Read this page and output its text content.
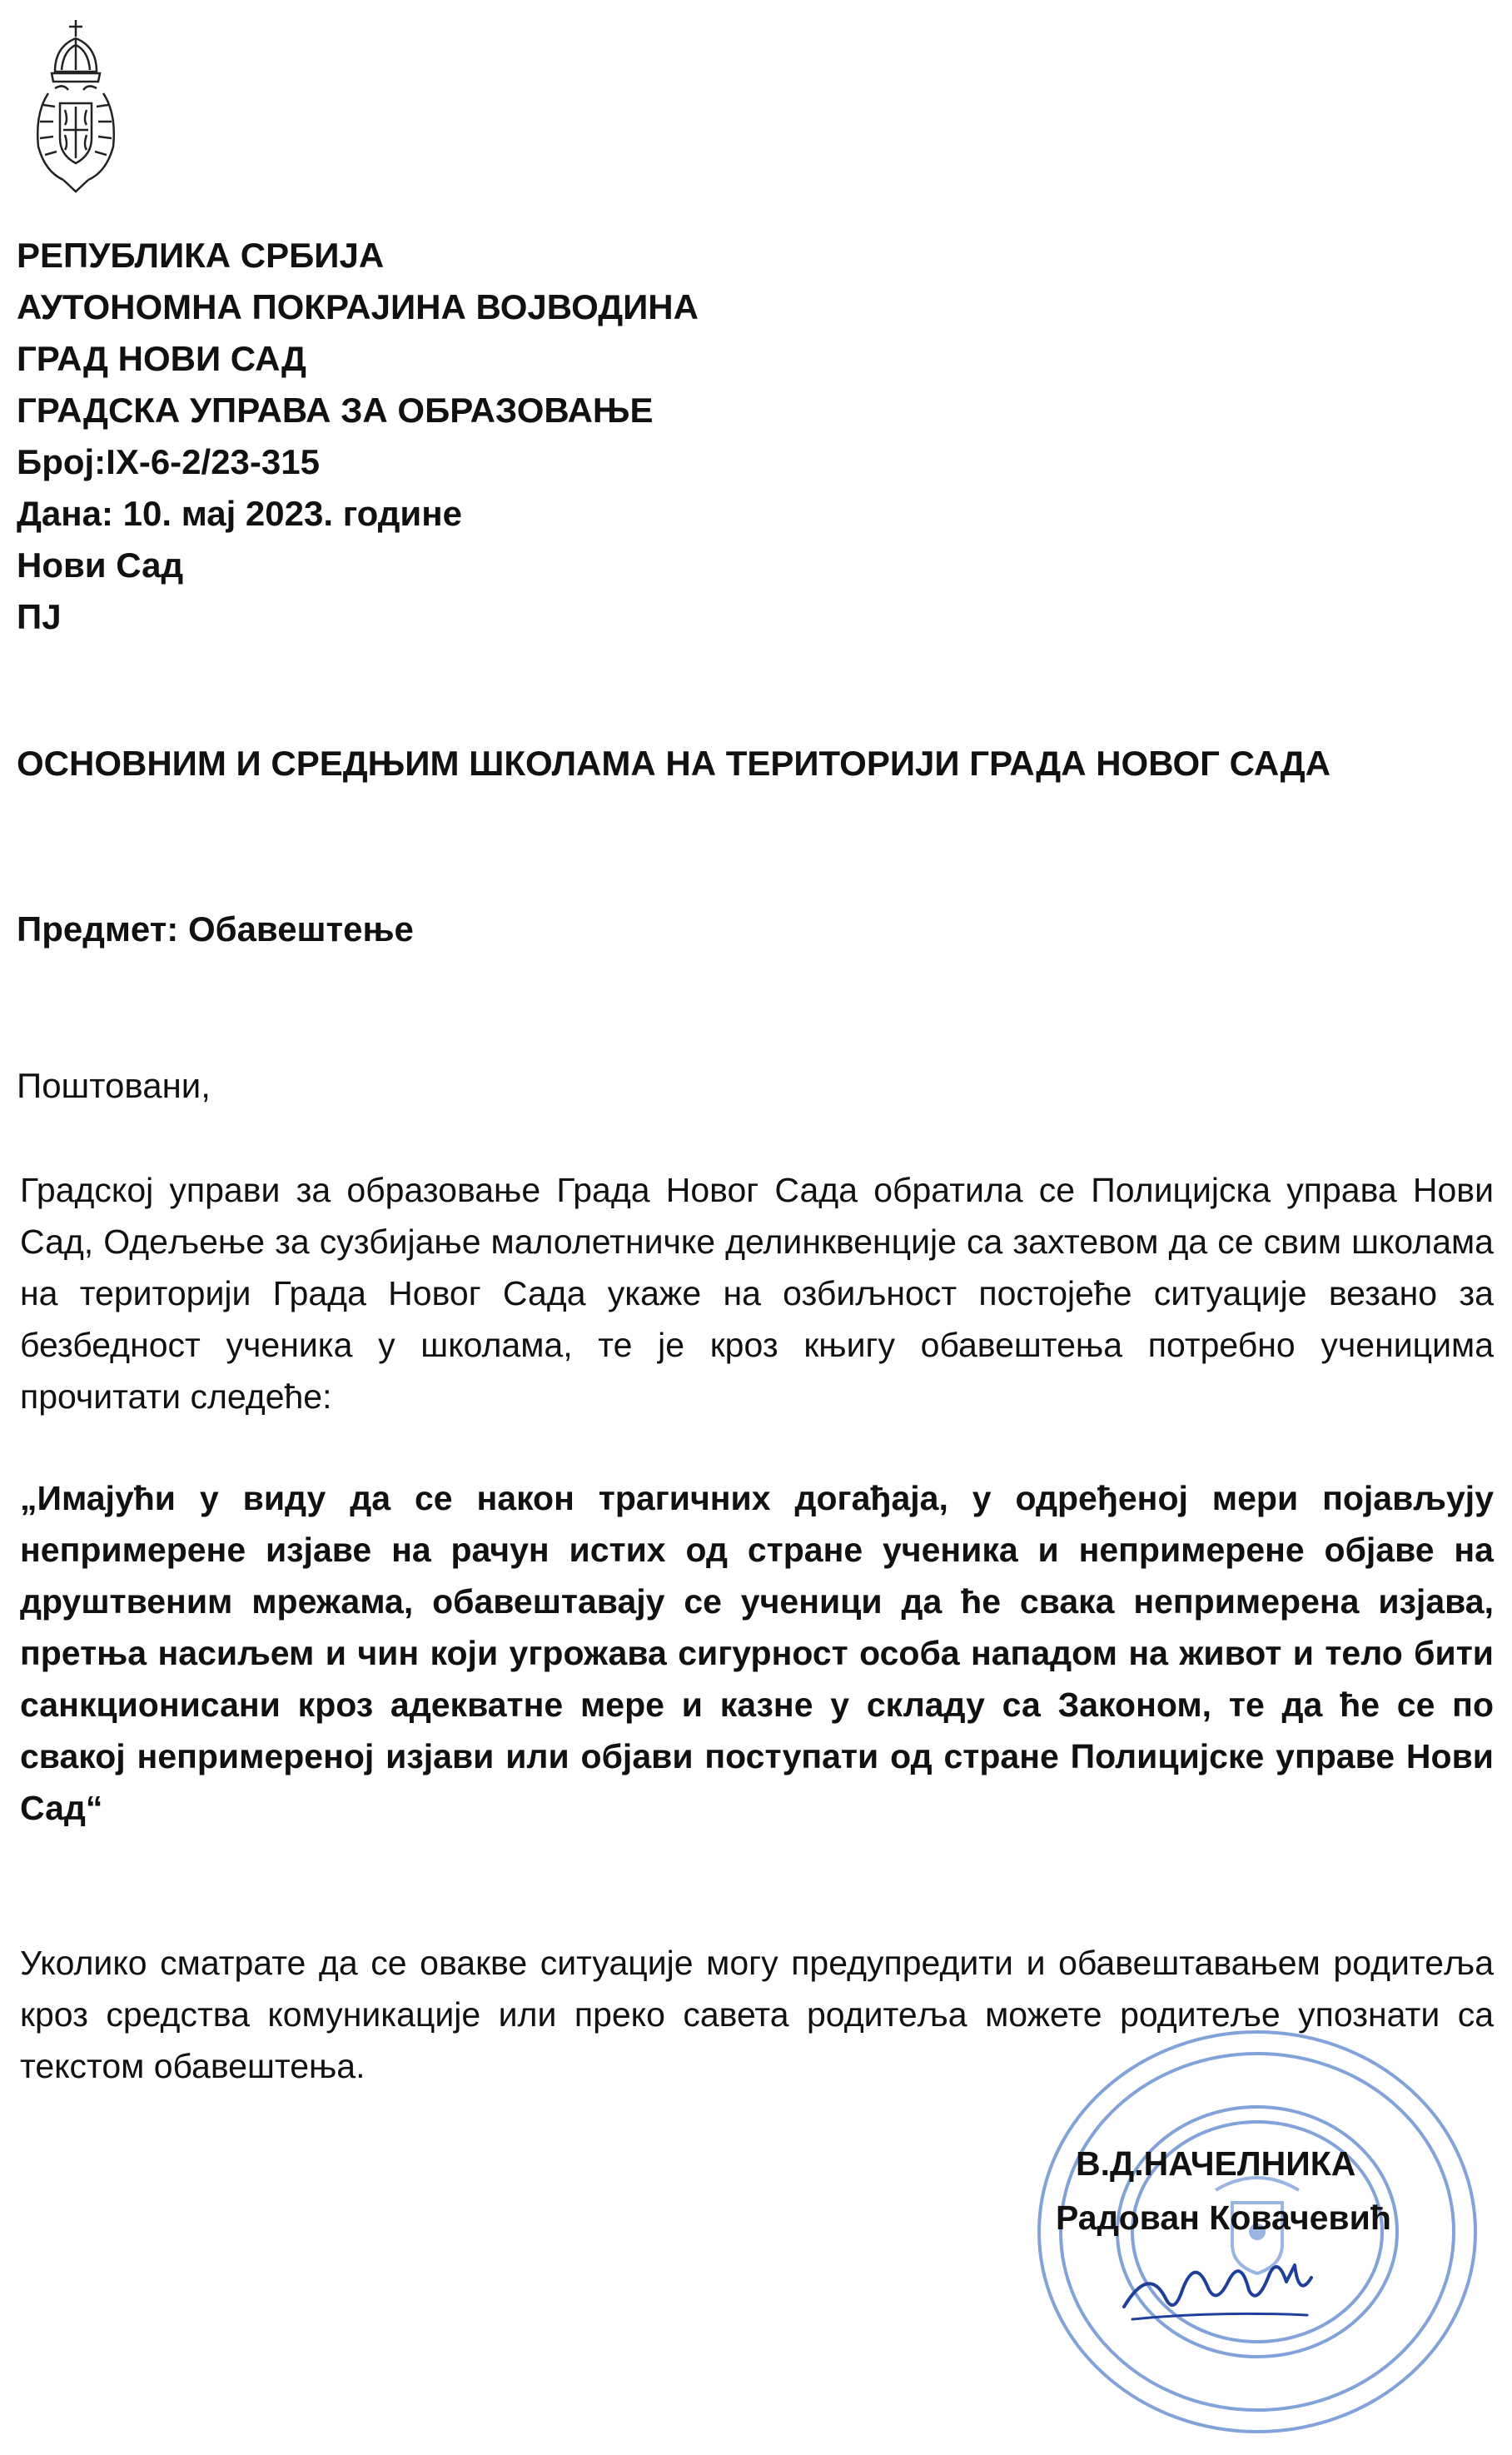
РЕПУБЛИКА СРБИЈА
АУТОНОМНА ПОКРАЈИНА ВОЈВОДИНА
ГРАД НОВИ САД
ГРАДСКА УПРАВА ЗА ОБРАЗОВАЊЕ
Број:IX-6-2/23-315
Дана: 10. мај 2023. године
Нови Сад
ПЈ
ОСНОВНИМ И СРЕДЊИМ ШКОЛАМА НА ТЕРИТОРИЈИ ГРАДА НОВОГ САДА
Предмет: Обавештење
Поштовани,
Градској управи за образовање Града Новог Сада обратила се Полицијска управа Нови Сад, Одељење за сузбијање малолетничке делинквенције са захтевом да се свим школама на територији Града Новог Сада укаже на озбиљност постојеће ситуације везано за безбедност ученика у школама, те је кроз књигу обавештења потребно ученицима прочитати следеће:
„Имајући у виду да се након трагичних догађаја, у одређеној мери појављују непримерене изјаве на рачун истих од стране ученика и непримерене објаве на друштвеним мрежама, обавештавају се ученици да ће свака непримерена изјава, претња насиљем и чин који угрожава сигурност особа нападом на живот и тело бити санкционисани кроз адекватне мере и казне у складу са Законом, те да ће се по свакој непримереној изјави или објави поступати од стране Полицијске управе Нови Сад“
Уколико сматрате да се овакве ситуације могу предупредити и обавештавањем родитеља кроз средства комуникације или преко савета родитеља можете родитеље упознати са текстом обавештења.
В.Д.НАЧЕЛНИКА
Радован Ковачевић
